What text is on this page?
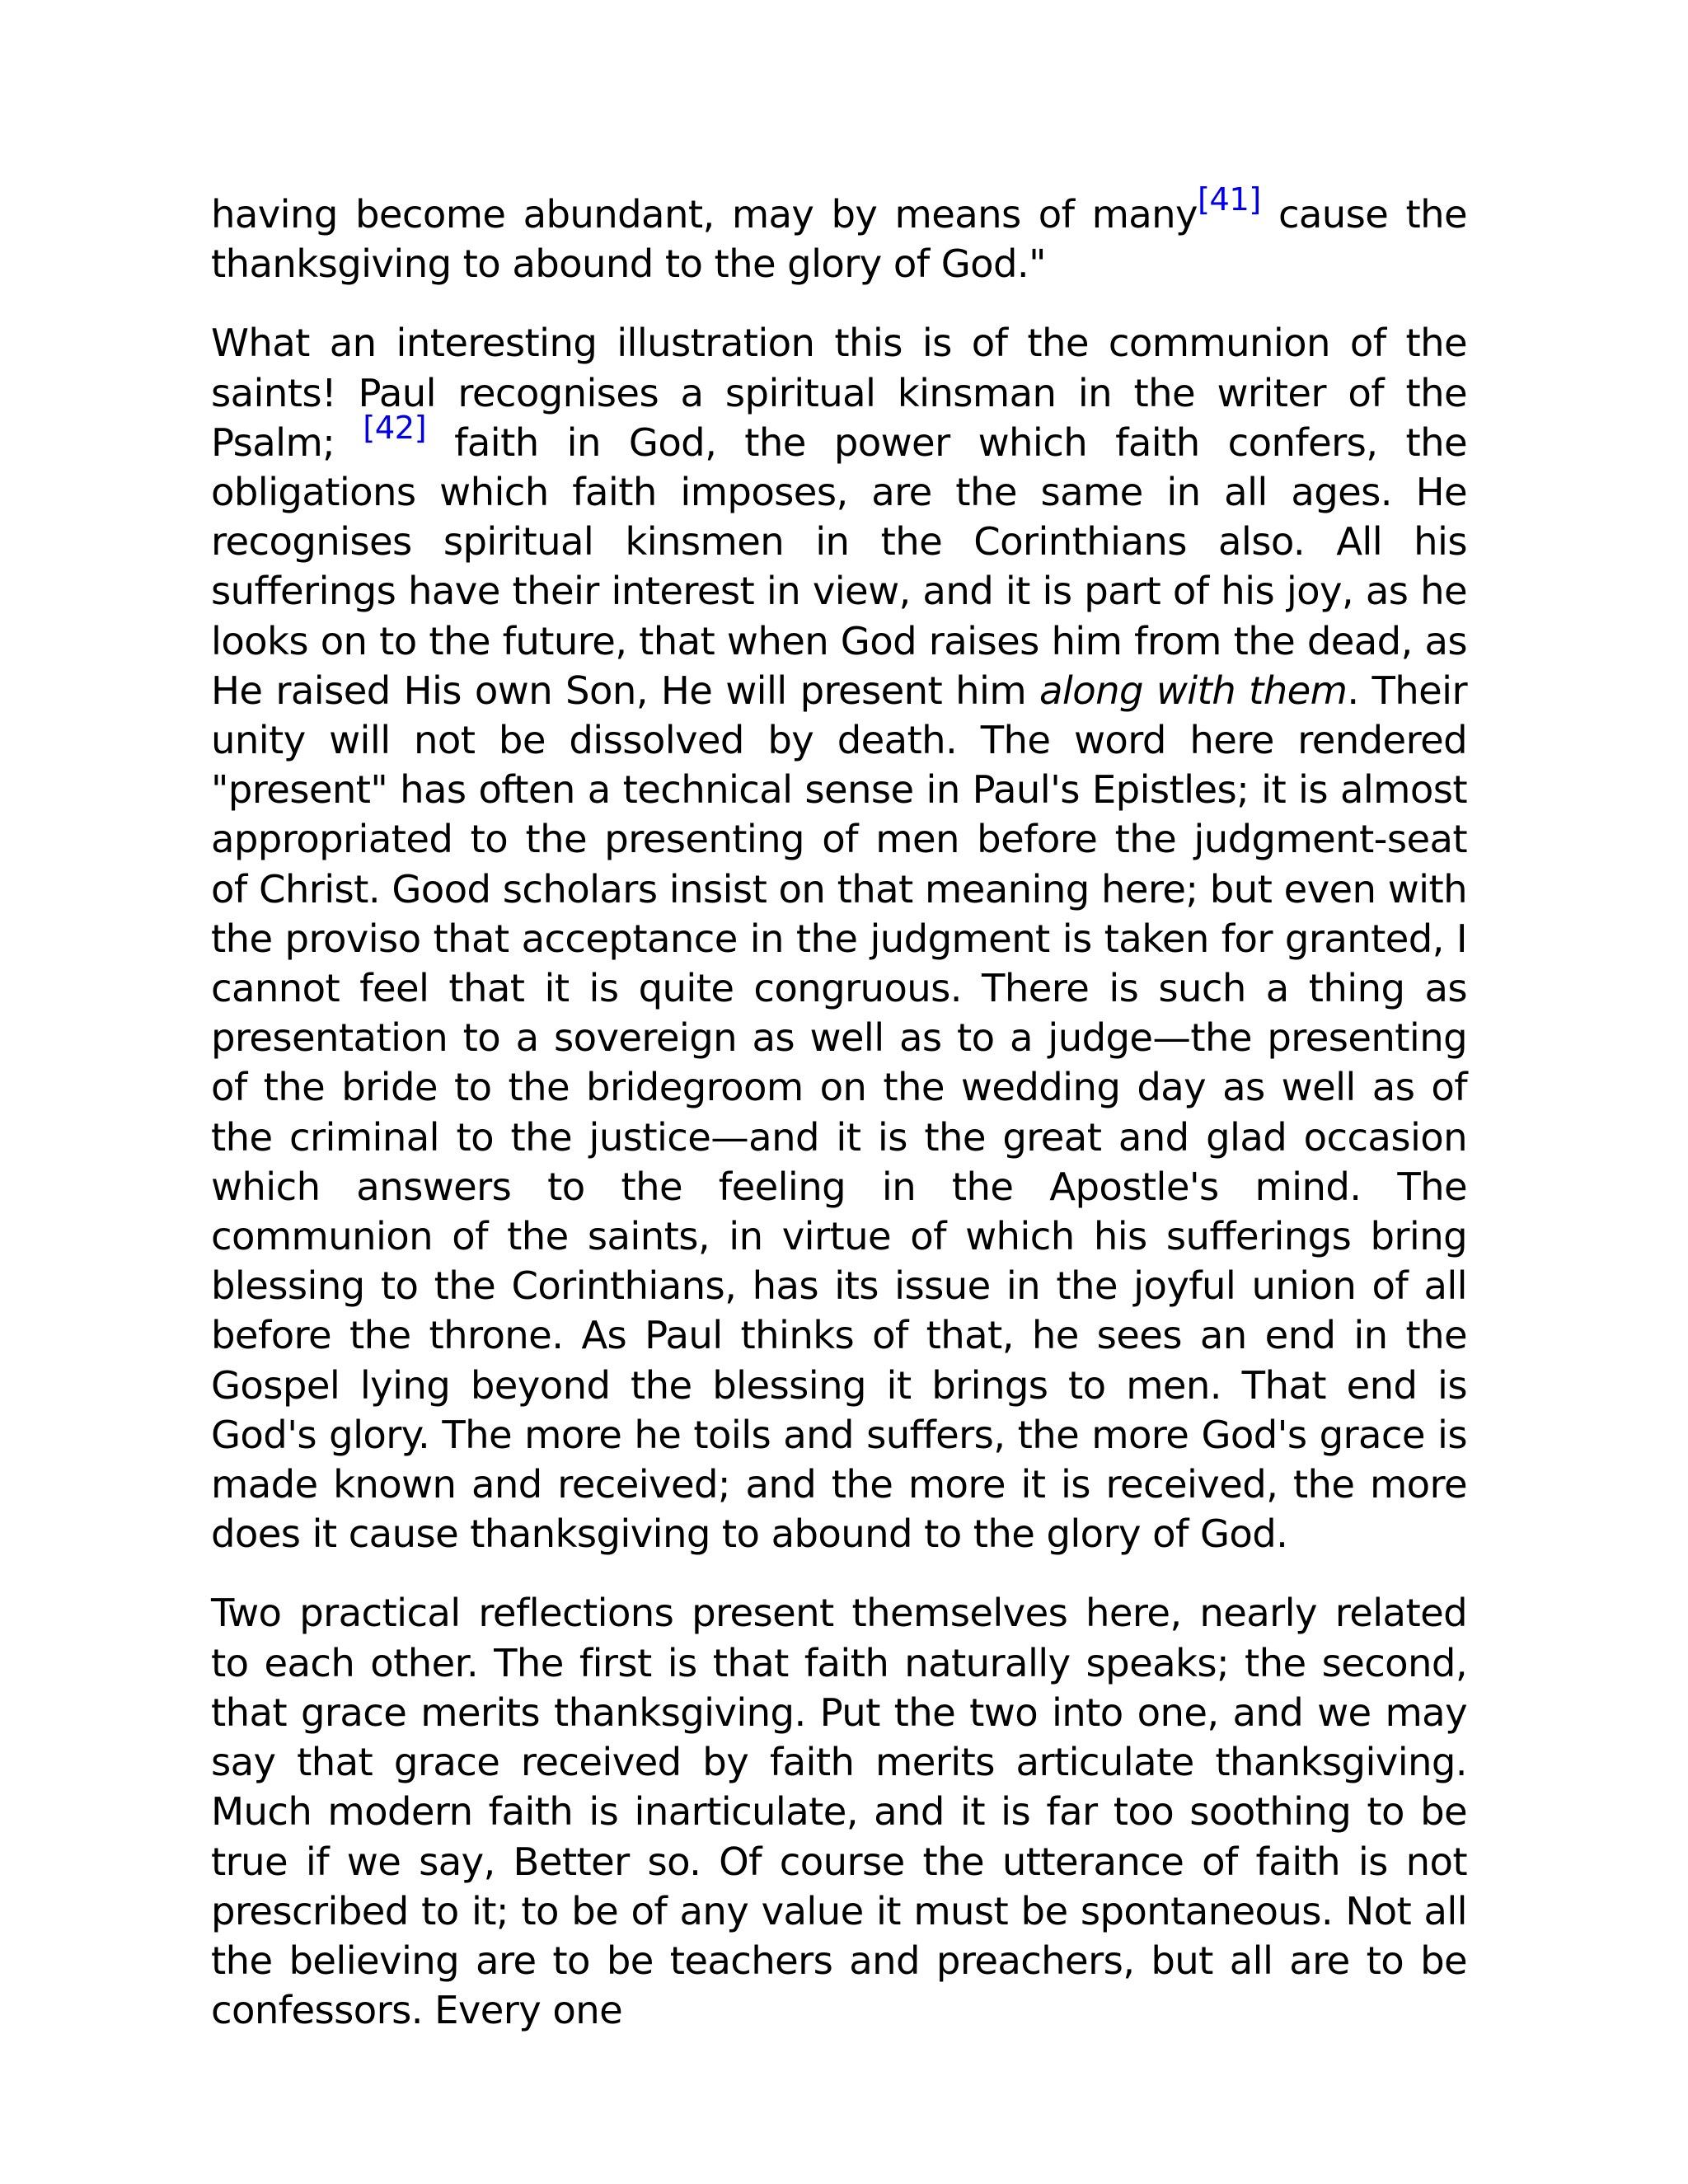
having become abundant, may by means of many[41] cause the thanksgiving to abound to the glory of God."

What an interesting illustration this is of the communion of the saints! Paul recognises a spiritual kinsman in the writer of the Psalm; [42] faith in God, the power which faith confers, the obligations which faith imposes, are the same in all ages. He recognises spiritual kinsmen in the Corinthians also. All his sufferings have their interest in view, and it is part of his joy, as he looks on to the future, that when God raises him from the dead, as He raised His own Son, He will present him along with them. Their unity will not be dissolved by death. The word here rendered "present" has often a technical sense in Paul's Epistles; it is almost appropriated to the presenting of men before the judgment-seat of Christ. Good scholars insist on that meaning here; but even with the proviso that acceptance in the judgment is taken for granted, I cannot feel that it is quite congruous. There is such a thing as presentation to a sovereign as well as to a judge—the presenting of the bride to the bridegroom on the wedding day as well as of the criminal to the justice—and it is the great and glad occasion which answers to the feeling in the Apostle's mind. The communion of the saints, in virtue of which his sufferings bring blessing to the Corinthians, has its issue in the joyful union of all before the throne. As Paul thinks of that, he sees an end in the Gospel lying beyond the blessing it brings to men. That end is God's glory. The more he toils and suffers, the more God's grace is made known and received; and the more it is received, the more does it cause thanksgiving to abound to the glory of God.

Two practical reflections present themselves here, nearly related to each other. The first is that faith naturally speaks; the second, that grace merits thanksgiving. Put the two into one, and we may say that grace received by faith merits articulate thanksgiving. Much modern faith is inarticulate, and it is far too soothing to be true if we say, Better so. Of course the utterance of faith is not prescribed to it; to be of any value it must be spontaneous. Not all the believing are to be teachers and preachers, but all are to be confessors. Every one
